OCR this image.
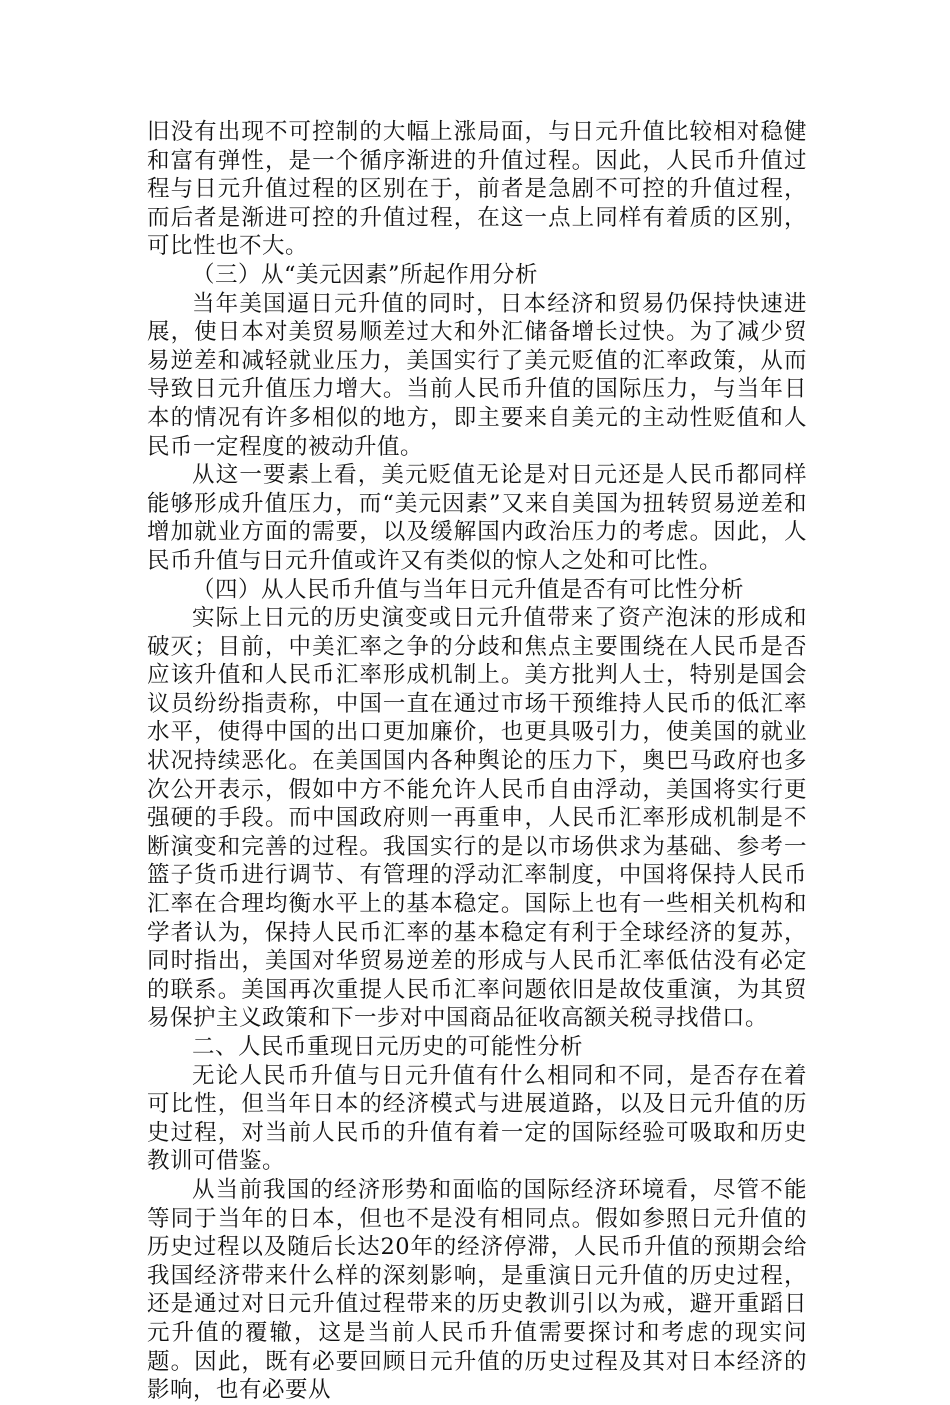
旧没有出现不可控制的大幅上涨局面，与日元升值比较相对稳健和富有弹性，是一个循序渐进的升值过程。因此，人民币升值过程与日元升值过程的区别在于，前者是急剧不可控的升值过程，而后者是渐进可控的升值过程，在这一点上同样有着质的区别，可比性也不大。

（三）从“美元因素”所起作用分析

当年美国逼日元升值的同时，日本经济和贸易仍保持快速进展，使日本对美贸易顺差过大和外汇储备增长过快。为了减少贸易逆差和减轻就业压力，美国实行了美元贬值的汇率政策，从而导致日元升值压力增大。当前人民币升值的国际压力，与当年日本的情况有许多相似的地方，即主要来自美元的主动性贬值和人民币一定程度的被动升值。

从这一要素上看，美元贬值无论是对日元还是人民币都同样能够形成升值压力，而“美元因素”又来自美国为扭转贸易逆差和增加就业方面的需要，以及缓解国内政治压力的考虑。因此，人民币升值与日元升值或许又有类似的惊人之处和可比性。

（四）从人民币升值与当年日元升值是否有可比性分析

实际上日元的历史演变或日元升值带来了资产泡沫的形成和破灭；目前，中美汇率之争的分歧和焦点主要围绕在人民币是否应该升值和人民币汇率形成机制上。美方批判人士，特别是国会议员纷纷指责称，中国一直在通过市场干预维持人民币的低汇率水平，使得中国的出口更加廉价，也更具吸引力，使美国的就业状况持续恶化。在美国国内各种舆论的压力下，奥巴马政府也多次公开表示，假如中方不能允许人民币自由浮动，美国将实行更强硬的手段。而中国政府则一再重申，人民币汇率形成机制是不断演变和完善的过程。我国实行的是以市场供求为基础、参考一篮子货币进行调节、有管理的浮动汇率制度，中国将保持人民币汇率在合理均衡水平上的基本稳定。国际上也有一些相关机构和学者认为，保持人民币汇率的基本稳定有利于全球经济的复苏，同时指出，美国对华贸易逆差的形成与人民币汇率低估没有必定的联系。美国再次重提人民币汇率问题依旧是故伎重演，为其贸易保护主义政策和下一步对中国商品征收高额关税寻找借口。

二、人民币重现日元历史的可能性分析

无论人民币升值与日元升值有什么相同和不同，是否存在着可比性，但当年日本的经济模式与进展道路，以及日元升值的历史过程，对当前人民币的升值有着一定的国际经验可吸取和历史教训可借鉴。

从当前我国的经济形势和面临的国际经济环境看，尽管不能等同于当年的日本，但也不是没有相同点。假如参照日元升值的历史过程以及随后长达20年的经济停滞，人民币升值的预期会给我国经济带来什么样的深刻影响，是重演日元升值的历史过程，还是通过对日元升值过程带来的历史教训引以为戒，避开重蹈日元升值的覆辙，这是当前人民币升值需要探讨和考虑的现实问题。因此，既有必要回顾日元升值的历史过程及其对日本经济的影响，也有必要从
